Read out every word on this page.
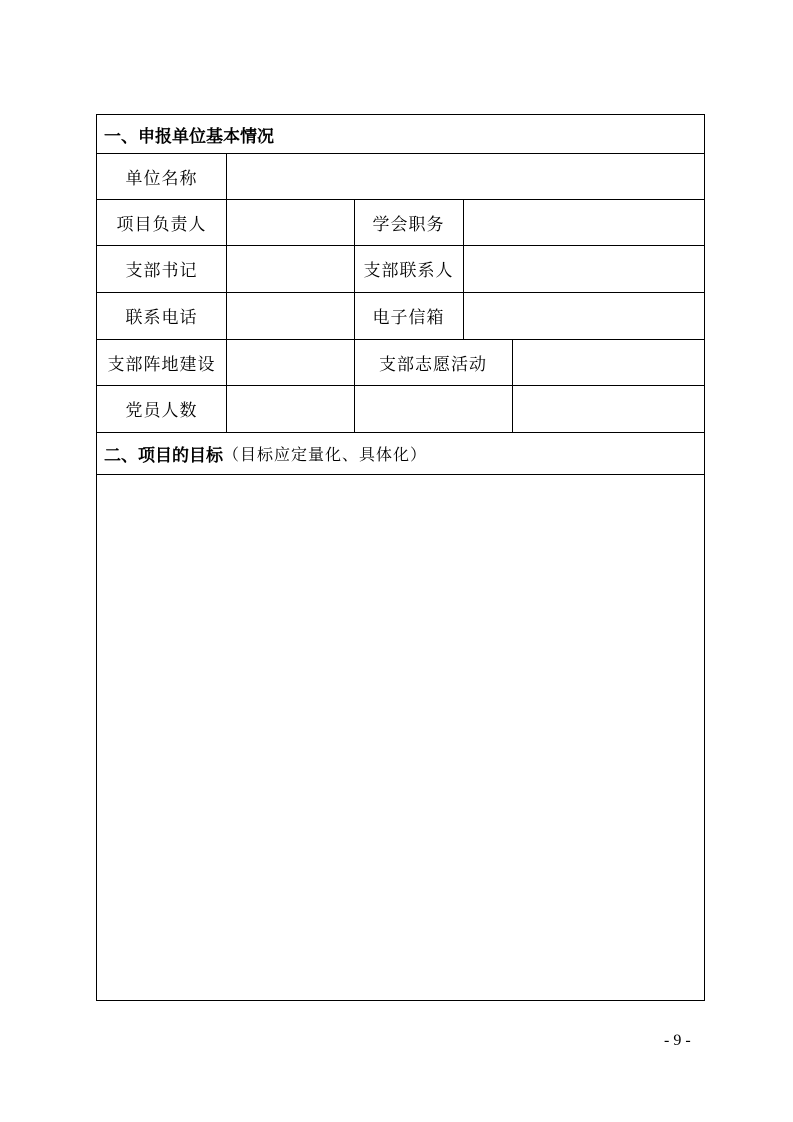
一、申报单位基本情况
单位名称
项目负责人	学会职务
支部书记	支部联系人
联系电话	电子信箱
支部阵地建设	支部志愿活动
党员人数
二、项目的目标 （目标应定量化、具体化）
- 9 -
